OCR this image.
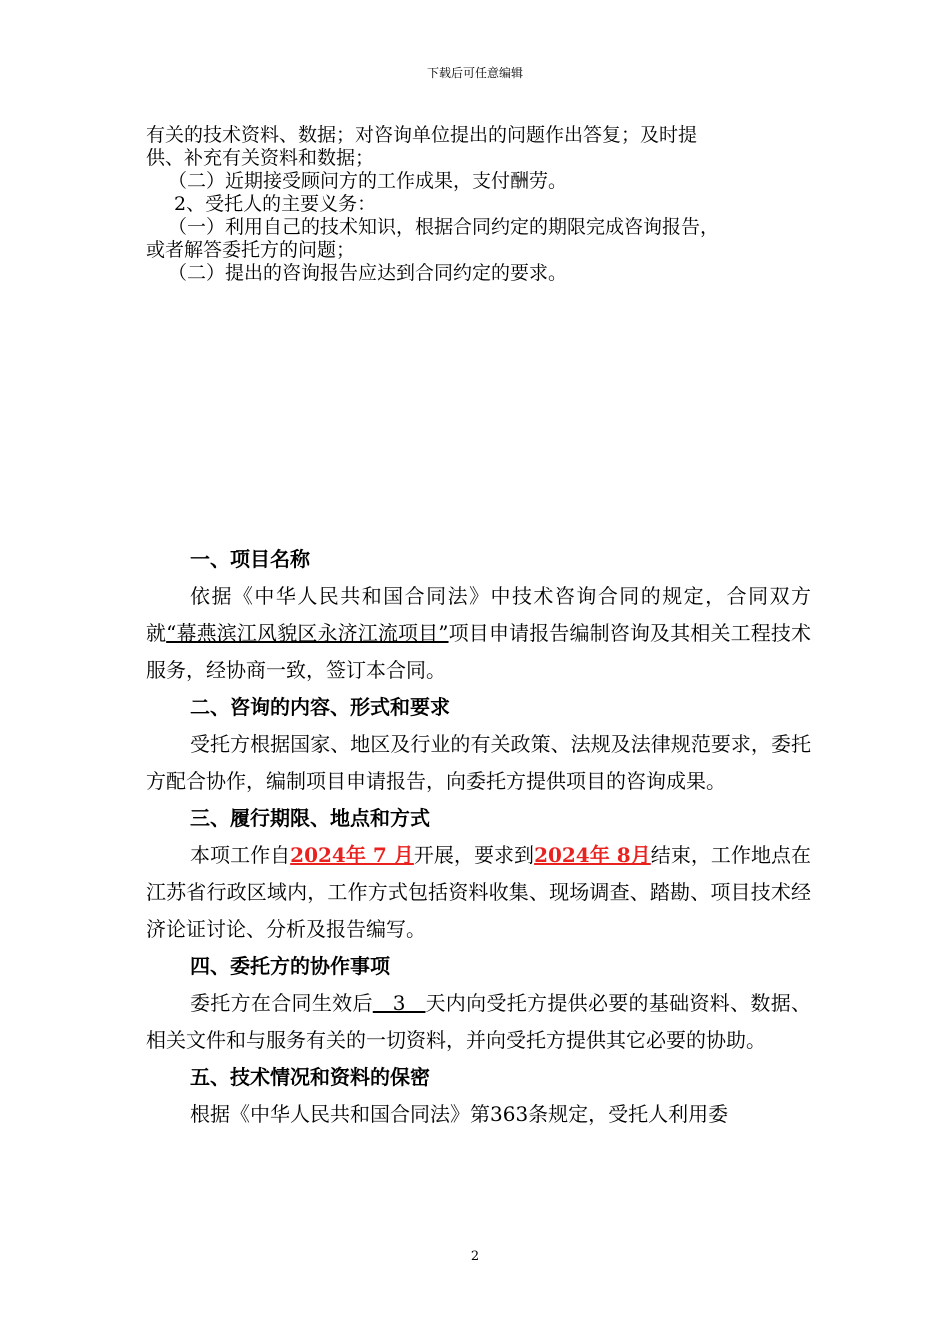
下载后可任意编辑

有关的技术资料、数据；对咨询单位提出的问题作出答复；及时提

供、补充有关资料和数据；

（二）近期接受顾问方的工作成果，支付酬劳。

2、受托人的主要义务：

（一）利用自己的技术知识，根据合同约定的期限完成咨询报告，

或者解答委托方的问题；

（二）提出的咨询报告应达到合同约定的要求。

一、项目名称

依据《中华人民共和国合同法》中技术咨询合同的规定，合同双方就“幕燕滨江风貌区永济江流项目”项目申请报告编制咨询及其相关工程技术服务，经协商一致，签订本合同。

二、咨询的内容、形式和要求

受托方根据国家、地区及行业的有关政策、法规及法律规范要求，委托方配合协作，编制项目申请报告，向委托方提供项目的咨询成果。

三、履行期限、地点和方式

本项工作自2024年 7 月开展，要求到2024年 8月结束，工作地点在江苏省行政区域内，工作方式包括资料收集、现场调查、踏勘、项目技术经济论证讨论、分析及报告编写。

四、委托方的协作事项

委托方在合同生效后   3   天内向受托方提供必要的基础资料、数据、相关文件和与服务有关的一切资料，并向受托方提供其它必要的协助。

五、技术情况和资料的保密

根据《中华人民共和国合同法》第363条规定，受托人利用委

2
